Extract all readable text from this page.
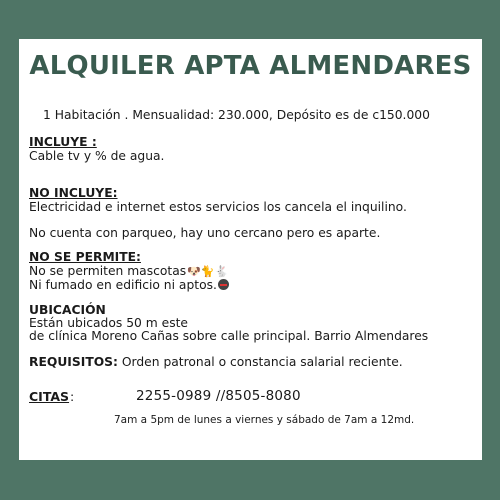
ALQUILER APTA ALMENDARES
1 Habitación . Mensualidad: 230.000, Depósito es de c150.000
INCLUYE :
Cable tv y % de agua.
NO INCLUYE:
Electricidad e internet estos servicios los cancela el inquilino.
No cuenta con parqueo, hay uno cercano pero es aparte.
NO SE PERMITE:
No se permiten mascotas🐶🐈🐇
Ni fumado en edificio ni aptos.
UBICACIÓN
Están ubicados 50 m este
de clínica Moreno Cañas sobre calle principal. Barrio Almendares
REQUISITOS: Orden patronal o constancia salarial reciente.
CITAS :	2255-0989 //8505-8080
7am a 5pm de lunes a viernes y sábado de 7am a 12md.
